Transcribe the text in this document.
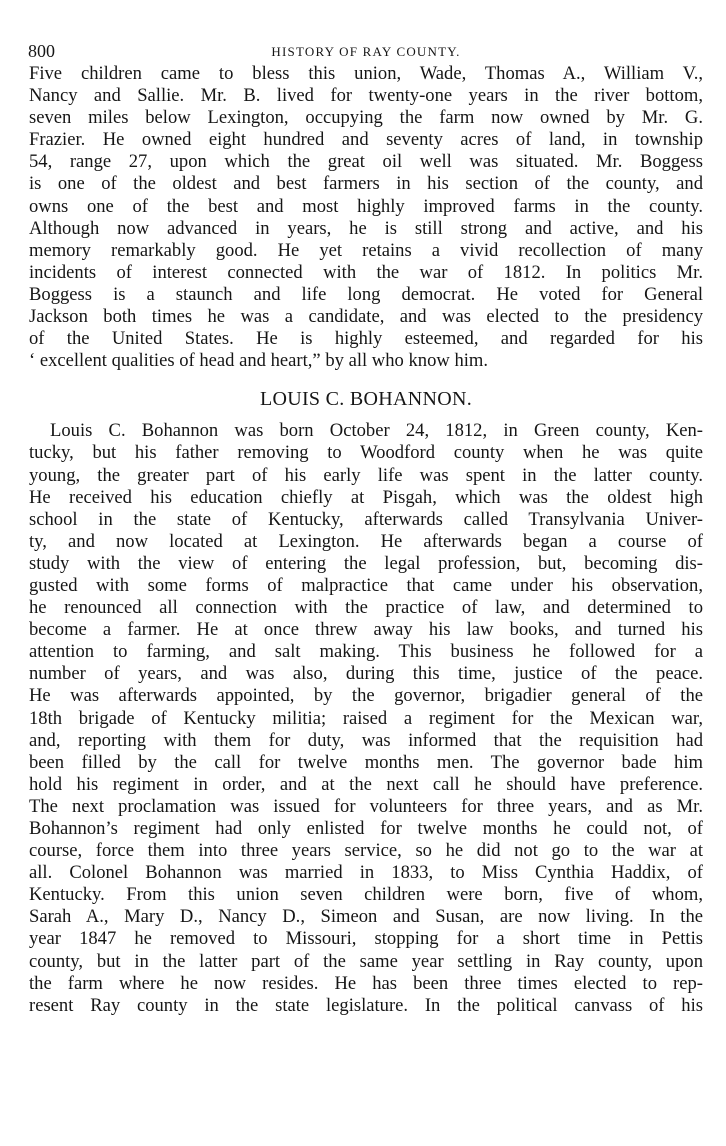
800	HISTORY OF RAY COUNTY.
Five children came to bless this union, Wade, Thomas A., William V.,
Nancy and Sallie. Mr. B. lived for twenty-one years in the river bottom,
seven miles below Lexington, occupying the farm now owned by Mr. G.
Frazier. He owned eight hundred and seventy acres of land, in township
54, range 27, upon which the great oil well was situated. Mr. Boggess
is one of the oldest and best farmers in his section of the county, and
owns one of the best and most highly improved farms in the county.
Although now advanced in years, he is still strong and active, and his
memory remarkably good. He yet retains a vivid recollection of many
incidents of interest connected with the war of 1812. In politics Mr.
Boggess is a staunch and life long democrat. He voted for General
Jackson both times he was a candidate, and was elected to the presidency
of the United States. He is highly esteemed, and regarded for his
‘ excellent qualities of head and heart,” by all who know him.
LOUIS C. BOHANNON.
Louis C. Bohannon was born October 24, 1812, in Green county, Ken-
tucky, but his father removing to Woodford county when he was quite
young, the greater part of his early life was spent in the latter county.
He received his education chiefly at Pisgah, which was the oldest high
school in the state of Kentucky, afterwards called Transylvania Univer-
ty, and now located at Lexington. He afterwards began a course of
study with the view of entering the legal profession, but, becoming dis-
gusted with some forms of malpractice that came under his observation,
he renounced all connection with the practice of law, and determined to
become a farmer. He at once threw away his law books, and turned his
attention to farming, and salt making. This business he followed for a
number of years, and was also, during this time, justice of the peace.
He was afterwards appointed, by the governor, brigadier general of the
18th brigade of Kentucky militia; raised a regiment for the Mexican war,
and, reporting with them for duty, was informed that the requisition had
been filled by the call for twelve months men. The governor bade him
hold his regiment in order, and at the next call he should have preference.
The next proclamation was issued for volunteers for three years, and as Mr.
Bohannon’s regiment had only enlisted for twelve months he could not, of
course, force them into three years service, so he did not go to the war at
all. Colonel Bohannon was married in 1833, to Miss Cynthia Haddix, of
Kentucky. From this union seven children were born, five of whom,
Sarah A., Mary D., Nancy D., Simeon and Susan, are now living. In the
year 1847 he removed to Missouri, stopping for a short time in Pettis
county, but in the latter part of the same year settling in Ray county, upon
the farm where he now resides. He has been three times elected to rep-
resent Ray county in the state legislature. In the political canvass of his
